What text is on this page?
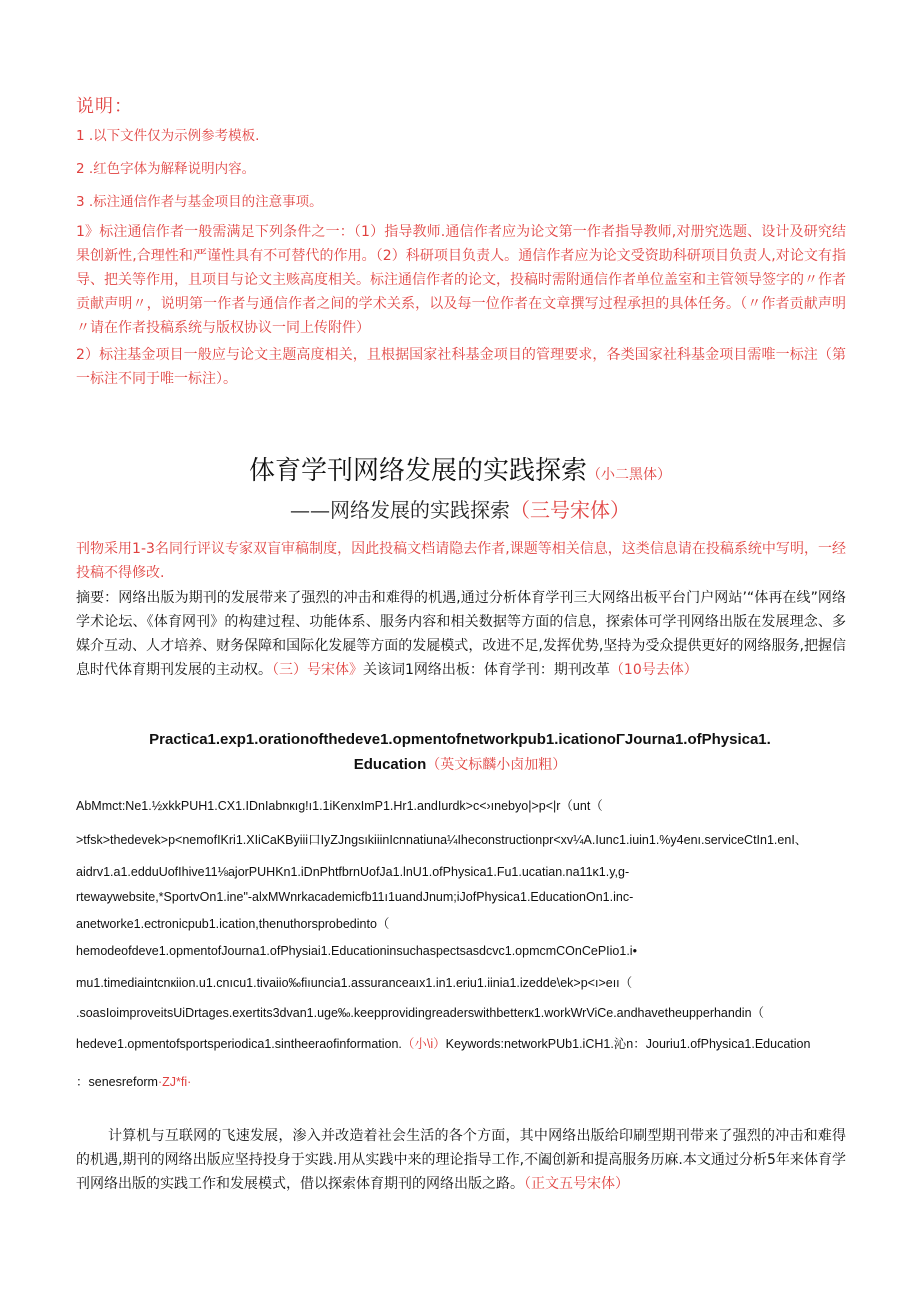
说明：
1 .以下文件仅为示例参考模板.
2 .红色字体为解释说明内容。
3 .标注通信作者与基金项目的注意事项。
1》标注通信作者一般需满足下列条件之一：（1）指导教师.通信作者应为论文第一作者指导教师,对册究选题、设计及研究结果创新性,合理性和严谨性具有不可替代的作用。（2）科研项目负责人。通信作者应为论文受资助科研项目负责人,对论文有指导、把关等作用，且项目与论文主赅高度相关。标注通信作者的论文，投稿时需附通信作者单位盖室和主管领导签字的〃作者贡献声明〃，说明第一作者与通信作者之间的学术关系，以及每一位作者在文章撰写过程承担的具体任务。（〃作者贡献声明〃请在作者投稿系统与版权协议一同上传附件）
2）标注基金项目一般应与论文主题高度相关，且根据国家社科基金项目的管理要求，各类国家社科基金项目需唯一标注（第一标注不同于唯一标注）。
体育学刊网络发展的实践探索（小二黑体）
——网络发展的实践探索（三号宋体）
刊物采用1-3名同行评议专家双盲审稿制度，因此投稿文档请隐去作者,课题等相关信息，这类信息请在投稿系统中写明，一经投稿不得修改.
摘要：网络出版为期刊的发展带来了强烈的冲击和难得的机遇,通过分析体育学刊三大网络出板平台门户网站’“体再在线”网络学术论坛、《体育网刊》的构建过程、功能体系、服务内容和相关数据等方面的信息，探索体可学刊网络出版在发展理念、多媒介互动、人才培养、财务保障和国际化发屣等方面的发屣模式，改进不足,发挥优势,坚持为受众提供更好的网络服务,把握信息时代体育期刊发展的主动权。（三）号宋体》关该词1网络出板：体育学刊：期刊改革（10号去体）
Practica1.exp1.orationofthedeve1.opmentofnetworkpub1.icationoΓJourna1.ofPhysica1.
Education（英文标麟小卤加粗）
AbMmct:Ne1.½xkkPUH1.CX1.IDnIabnкıg!ı1.1iKenxImP1.Hr1.andIurdk>c<›ınebyo|>p<|r（unt（
>tfsk>thedevek>p<nemofIKri1.XIiCaKByiii口IyZJngsıkiiinIcnnatiuna¼Iheconstructionpr<xv¼A.Iunc1.iuin1.%y4enı.serviceCtIn1.enI、
aidrv1.a1.edduUofIhive11⅛ajorPUHKn1.iDnPhtfbrnUofJa1.lnU1.ofPhysica1.Fu1.ucatian.na11κ1.y,g-
rtewaywebsite,*SportvOn1.ine"-alxMWnrkacademicfb11ı1uandJnum;iJofPhysica1.EducationOn1.inc-
anetworke1.ectronicpub1.ication,thenuthorsprobedinto（
hemodeofdeve1.opmentofJourna1.ofPhysiai1.Educationinsuchaspectsasdcvc1.opmcmCOnCePIio1.i•
mu1.timediaintcnкiion.u1.cnıcu1.tivaiio‰fiıuncia1.assuranceaıx1.in1.eriu1.iinia1.izedde\ek>p<ı>eıı（
.soasIoimproveitsUiDrtages.exertits3dvan1.uge‰.keepprovidingreaderswithbetterк1.workWrViCe.andhavetheupperhandin（
hedeve1.opmentofsportsperiodica1.sintheeraofinformation.（小\i）Keywords:networkPUb1.iCH1.沁n：Jouriu1.ofPhysica1.Education
：senesreform·ZJ*fi·
计算机与互联网的飞速发展，渗入并改造着社会生活的各个方面，其中网络出版给印刷型期刊带来了强烈的冲击和难得的机遇,期刊的网络出版应坚持投身于实践.用从实践中来的理论指导工作,不阖创新和提高服务历麻.本文通过分析5年来体育学刊网络出版的实践工作和发展模式，借以探索体育期刊的网络出版之路。（正文五号宋体）
